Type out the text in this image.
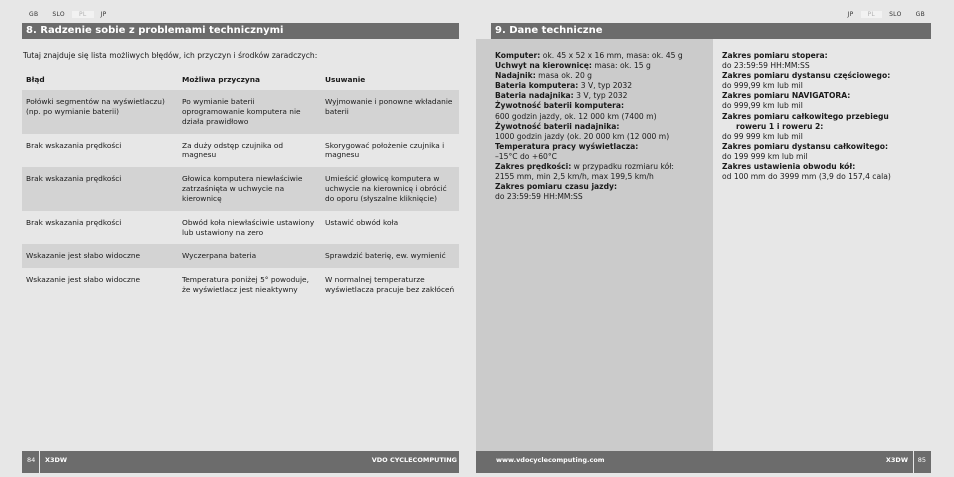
GB	SLO	PL	JP	JP	PL	SLO	GB
8. Radzenie sobie z problemami technicznymi	9. Dane techniczne
Tutaj znajduje się lista możliwych błędów, ich przyczyn i środków zaradczych:
Błąd	Możliwa przyczyna	Usuwanie
Połówki segmentów na wyświetlaczu) (np. po wymianie baterii)	Po wymianie baterii oprogramowanie komputera nie działa prawidłowo	Wyjmowanie i ponowne wkładanie baterii
Brak wskazania prędkości	Za duży odstęp czujnika od magnesu	Skorygować położenie czujnika i magnesu
Brak wskazania prędkości	Głowica komputera niewłaściwie zatrzaśnięta w uchwycie na kierownicę	Umieścić głowicę komputera w uchwycie na kierownicę i obrócić do oporu (słyszalne kliknięcie)
Brak wskazania prędkości	Obwód koła niewłaściwie ustawiony lub ustawiony na zero	Ustawić obwód koła
Wskazanie jest słabo widoczne	Wyczerpana bateria	Sprawdzić baterię, ew. wymienić
Wskazanie jest słabo widoczne	Temperatura poniżej 5° powoduje, że wyświetlacz jest nieaktywny	W normalnej temperaturze wyświetlacza pracuje bez zakłóceń
Komputer: ok. 45 x 52 x 16 mm, masa: ok. 45 g
Uchwyt na kierownicę: masa: ok. 15 g
Nadajnik: masa ok. 20 g
Bateria komputera: 3 V, typ 2032
Bateria nadajnika: 3 V, typ 2032
Żywotność baterii komputera:
600 godzin jazdy, ok. 12 000 km (7400 m)
Żywotność baterii nadajnika:
1000 godzin jazdy (ok. 20 000 km (12 000 m)
Temperatura pracy wyświetlacza:
–15°C do +60°C
Zakres prędkości: w przypadku rozmiaru kół:
2155 mm, min 2,5 km/h, max 199,5 km/h
Zakres pomiaru czasu jazdy:
do 23:59:59 HH:MM:SS
Zakres pomiaru stopera:
do 23:59:59 HH:MM:SS
Zakres pomiaru dystansu częściowego:
do 999,99 km lub mil
Zakres pomiaru NAVIGATORA:
do 999,99 km lub mil
Zakres pomiaru całkowitego przebiegu
roweru 1 i roweru 2:
do 99 999 km lub mil
Zakres pomiaru dystansu całkowitego:
do 199 999 km lub mil
Zakres ustawienia obwodu kół:
od 100 mm do 3999 mm (3,9 do 157,4 cala)
84 X3DW	VDO CYCLECOMPUTING	www.vdocyclecomputing.com	X3DW 85
